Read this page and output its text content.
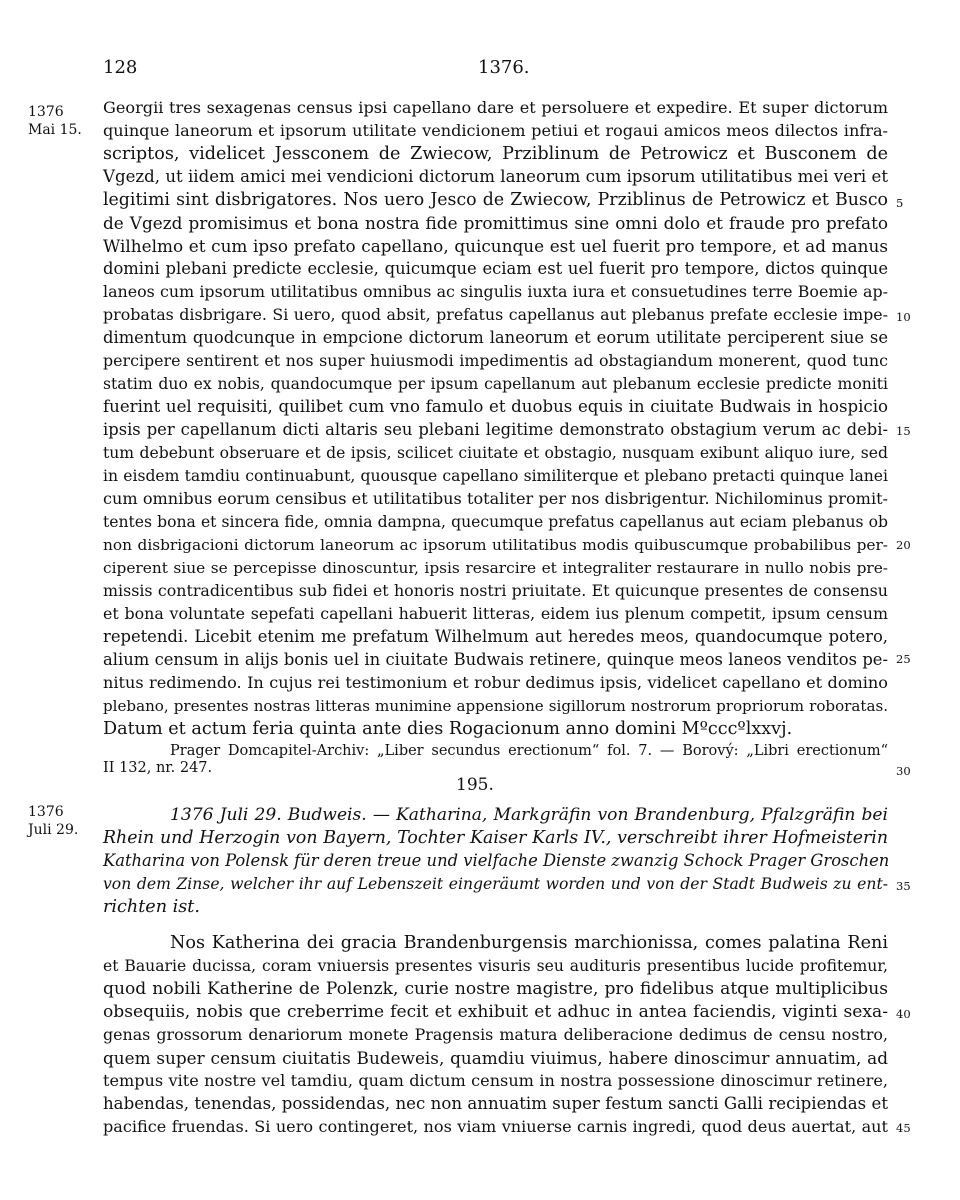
128	1376.
1376
Mai 15.
1376
Juli 29.
5
10
15
20
25
30
35
40
45
Georgii tres sexagenas census ipsi capellano dare et persoluere et expedire. Et super dictorum
quinque laneorum et ipsorum utilitate vendicionem petiui et rogaui amicos meos dilectos infra-
scriptos, videlicet Jessconem de Zwiecow, Prziblinum de Petrowicz et Busconem de
Vgezd, ut iidem amici mei vendicioni dictorum laneorum cum ipsorum utilitatibus mei veri et
legitimi sint disbrigatores. Nos uero Jesco de Zwiecow, Prziblinus de Petrowicz et Busco
de Vgezd promisimus et bona nostra fide promittimus sine omni dolo et fraude pro prefato
Wilhelmo et cum ipso prefato capellano, quicunque est uel fuerit pro tempore, et ad manus
domini plebani predicte ecclesie, quicumque eciam est uel fuerit pro tempore, dictos quinque
laneos cum ipsorum utilitatibus omnibus ac singulis iuxta iura et consuetudines terre Boemie ap-
probatas disbrigare. Si uero, quod absit, prefatus capellanus aut plebanus prefate ecclesie impe-
dimentum quodcunque in empcione dictorum laneorum et eorum utilitate perciperent siue se
percipere sentirent et nos super huiusmodi impedimentis ad obstagiandum monerent, quod tunc
statim duo ex nobis, quandocumque per ipsum capellanum aut plebanum ecclesie predicte moniti
fuerint uel requisiti, quilibet cum vno famulo et duobus equis in ciuitate Budwais in hospicio
ipsis per capellanum dicti altaris seu plebani legitime demonstrato obstagium verum ac debi-
tum debebunt obseruare et de ipsis, scilicet ciuitate et obstagio, nusquam exibunt aliquo iure, sed
in eisdem tamdiu continuabunt, quousque capellano similiterque et plebano pretacti quinque lanei
cum omnibus eorum censibus et utilitatibus totaliter per nos disbrigentur. Nichilominus promit-
tentes bona et sincera fide, omnia dampna, quecumque prefatus capellanus aut eciam plebanus ob
non disbrigacioni dictorum laneorum ac ipsorum utilitatibus modis quibuscumque probabilibus per-
ciperent siue se percepisse dinoscuntur, ipsis resarcire et integraliter restaurare in nullo nobis pre-
missis contradicentibus sub fidei et honoris nostri priuitate. Et quicunque presentes de consensu
et bona voluntate sepefati capellani habuerit litteras, eidem ius plenum competit, ipsum censum
repetendi. Licebit etenim me prefatum Wilhelmum aut heredes meos, quandocumque potero,
alium censum in alijs bonis uel in ciuitate Budwais retinere, quinque meos laneos venditos pe-
nitus redimendo. In cujus rei testimonium et robur dedimus ipsis, videlicet capellano et domino
plebano, presentes nostras litteras munimine appensione sigillorum nostrorum propriorum roboratas.
Datum et actum feria quinta ante dies Rogacionum anno domini Mºcccºlxxvj.
Prager Domcapitel-Archiv: „Liber secundus erectionum“ fol. 7. — Borový: „Libri erectionum“
II 132, nr. 247.
195.
1376 Juli 29. Budweis. — Katharina, Markgräfin von Brandenburg, Pfalzgräfin bei
Rhein und Herzogin von Bayern, Tochter Kaiser Karls IV., verschreibt ihrer Hofmeisterin
Katharina von Polensk für deren treue und vielfache Dienste zwanzig Schock Prager Groschen
von dem Zinse, welcher ihr auf Lebenszeit eingeräumt worden und von der Stadt Budweis zu ent-
richten ist.
Nos Katherina dei gracia Brandenburgensis marchionissa, comes palatina Reni
et Bauarie ducissa, coram vniuersis presentes visuris seu audituris presentibus lucide profitemur,
quod nobili Katherine de Polenzk, curie nostre magistre, pro fidelibus atque multiplicibus
obsequiis, nobis que creberrime fecit et exhibuit et adhuc in antea faciendis, viginti sexa-
genas grossorum denariorum monete Pragensis matura deliberacione dedimus de censu nostro,
quem super censum ciuitatis Budeweis, quamdiu viuimus, habere dinoscimur annuatim, ad
tempus vite nostre vel tamdiu, quam dictum censum in nostra possessione dinoscimur retinere,
habendas, tenendas, possidendas, nec non annuatim super festum sancti Galli recipiendas et
pacifice fruendas. Si uero contingeret, nos viam vniuerse carnis ingredi, quod deus auertat, aut
